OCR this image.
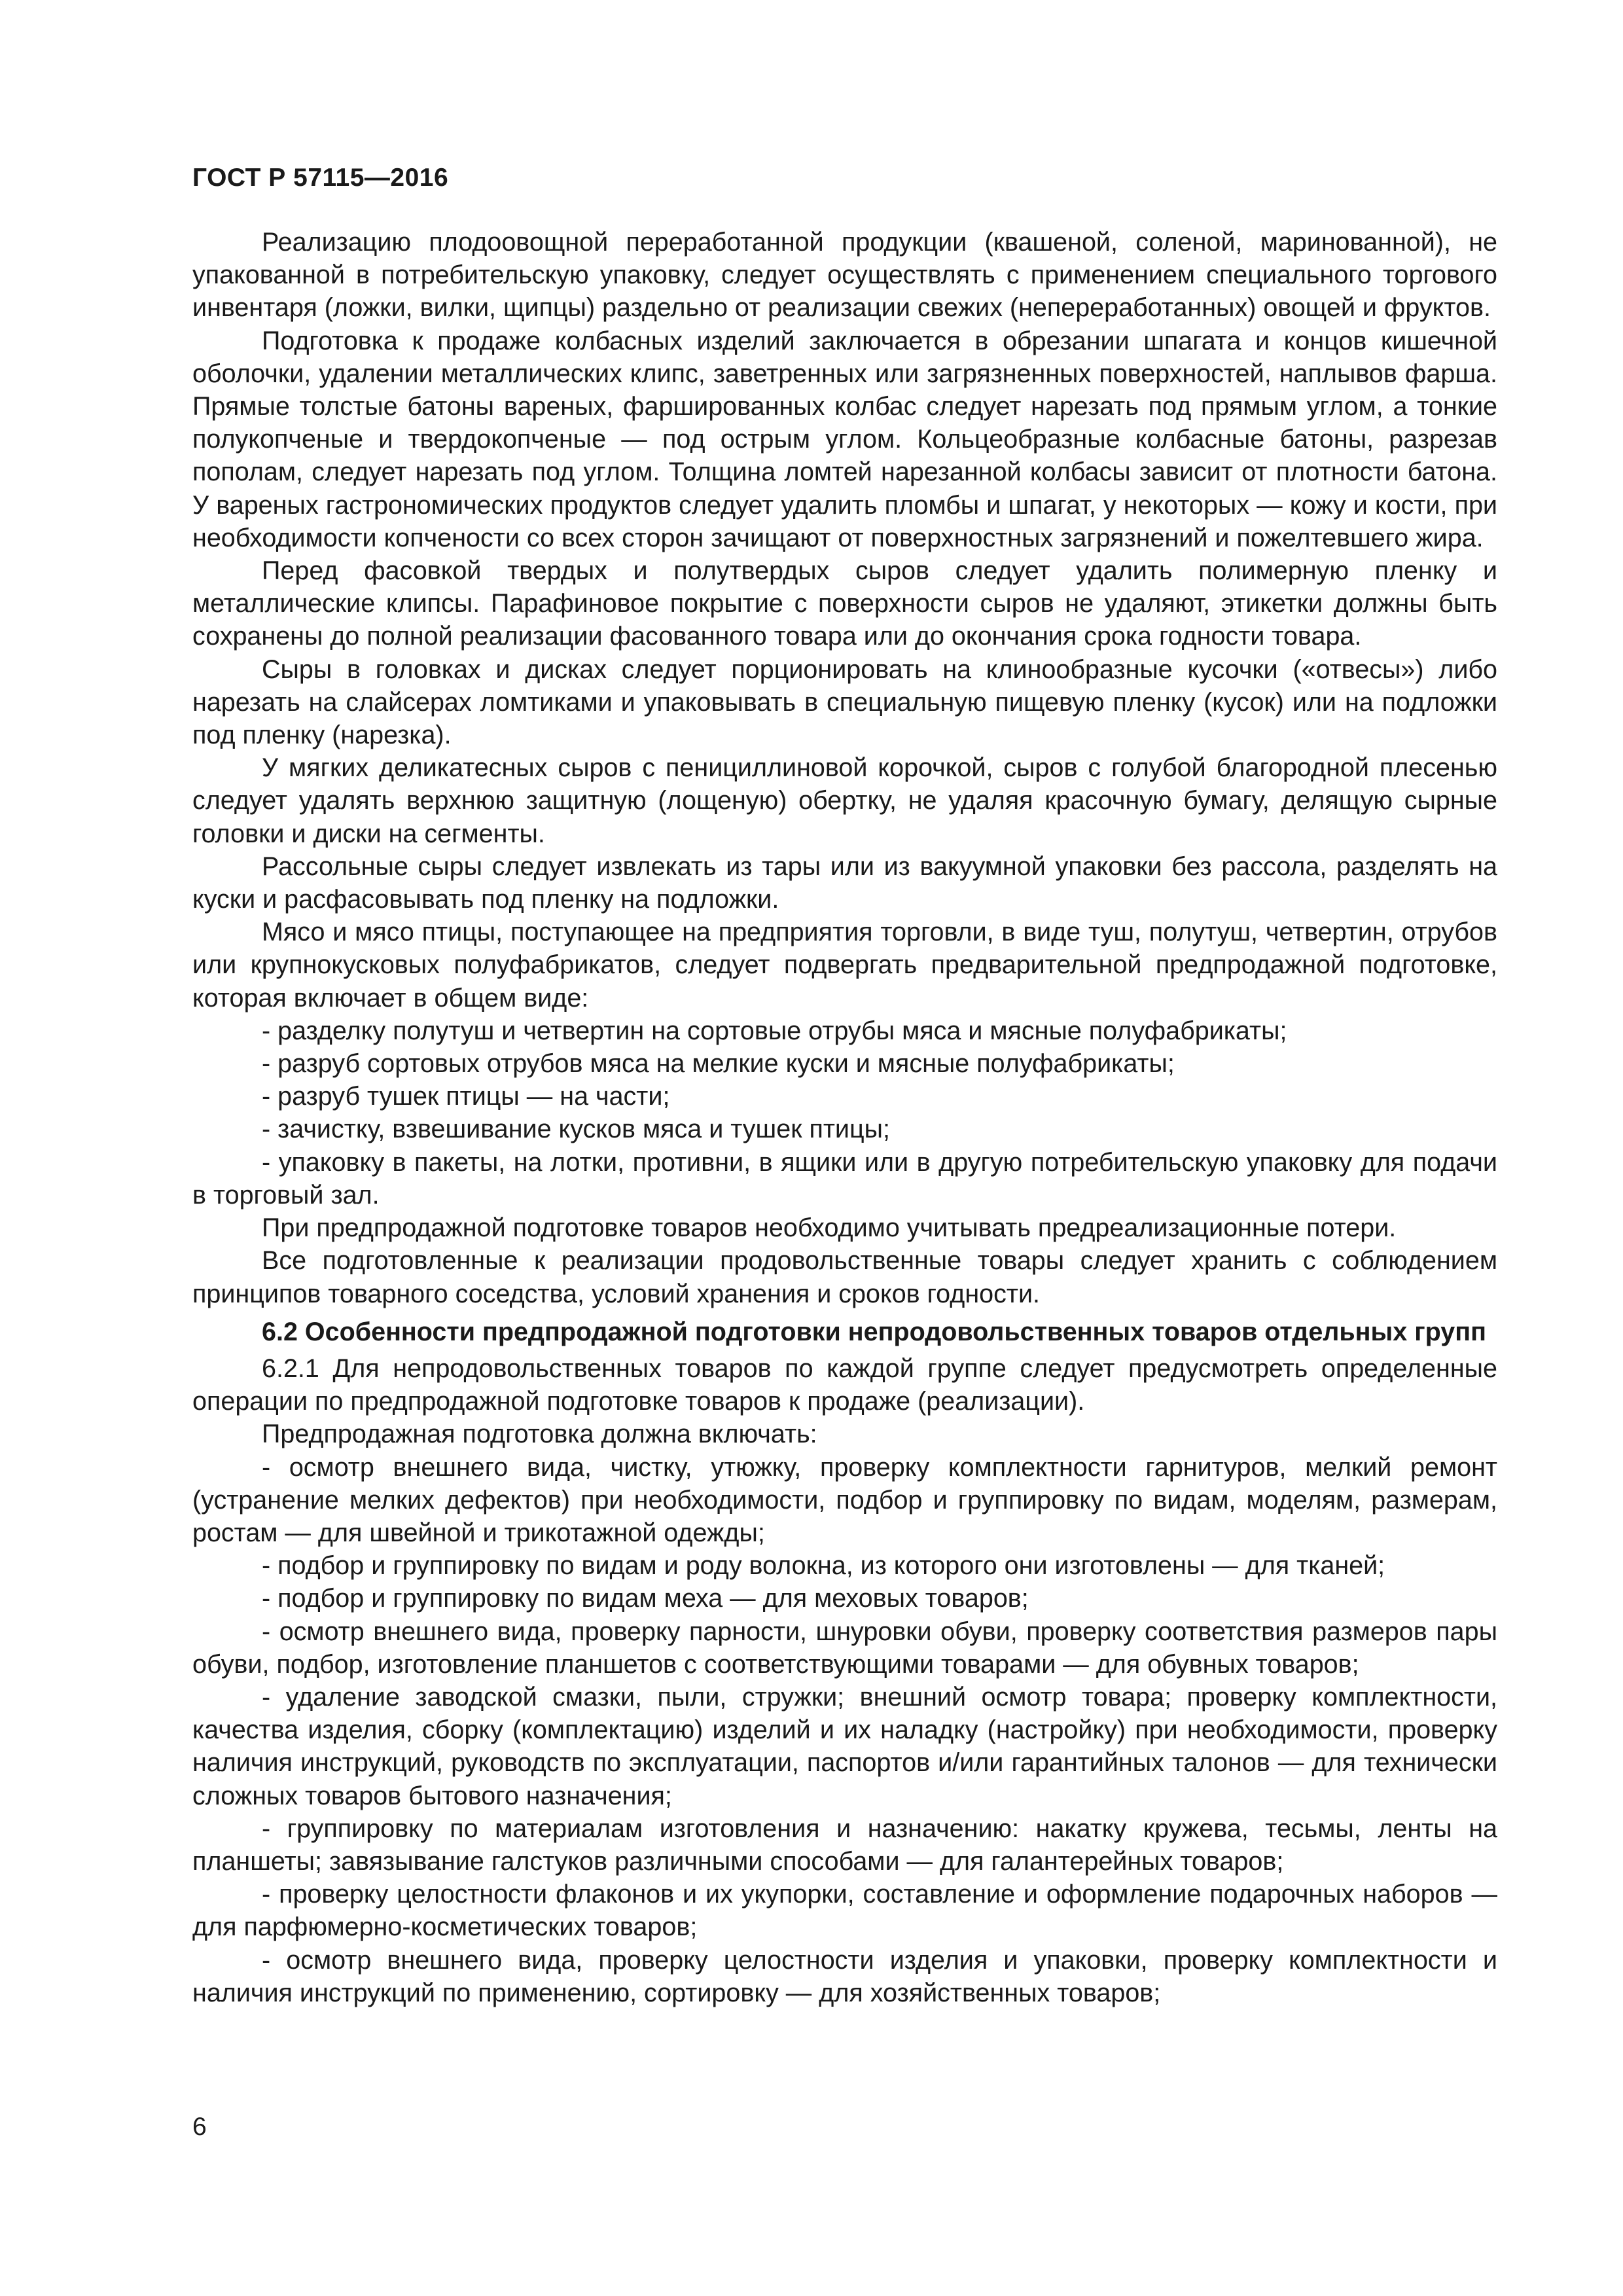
ГОСТ Р 57115—2016

Реализацию плодоовощной переработанной продукции (квашеной, соленой, маринованной), не упакованной в потребительскую упаковку, следует осуществлять с применением специального торгового инвентаря (ложки, вилки, щипцы) раздельно от реализации свежих (непереработанных) овощей и фруктов.

Подготовка к продаже колбасных изделий заключается в обрезании шпагата и концов кишечной оболочки, удалении металлических клипс, заветренных или загрязненных поверхностей, наплывов фарша. Прямые толстые батоны вареных, фаршированных колбас следует нарезать под прямым углом, а тонкие полукопченые и твердокопченые — под острым углом. Кольцеобразные колбасные батоны, разрезав пополам, следует нарезать под углом. Толщина ломтей нарезанной колбасы зависит от плотности батона. У вареных гастрономических продуктов следует удалить пломбы и шпагат, у некоторых — кожу и кости, при необходимости копчености со всех сторон зачищают от поверхностных загрязнений и пожелтевшего жира.

Перед фасовкой твердых и полутвердых сыров следует удалить полимерную пленку и металлические клипсы. Парафиновое покрытие с поверхности сыров не удаляют, этикетки должны быть сохранены до полной реализации фасованного товара или до окончания срока годности товара.

Сыры в головках и дисках следует порционировать на клинообразные кусочки («отвесы») либо нарезать на слайсерах ломтиками и упаковывать в специальную пищевую пленку (кусок) или на подложки под пленку (нарезка).

У мягких деликатесных сыров с пенициллиновой корочкой, сыров с голубой благородной плесенью следует удалять верхнюю защитную (лощеную) обертку, не удаляя красочную бумагу, делящую сырные головки и диски на сегменты.

Рассольные сыры следует извлекать из тары или из вакуумной упаковки без рассола, разделять на куски и расфасовывать под пленку на подложки.

Мясо и мясо птицы, поступающее на предприятия торговли, в виде туш, полутуш, четвертин, отрубов или крупнокусковых полуфабрикатов, следует подвергать предварительной предпродажной подготовке, которая включает в общем виде:

- разделку полутуш и четвертин на сортовые отрубы мяса и мясные полуфабрикаты;

- разруб сортовых отрубов мяса на мелкие куски и мясные полуфабрикаты;

- разруб тушек птицы — на части;

- зачистку, взвешивание кусков мяса и тушек птицы;

- упаковку в пакеты, на лотки, противни, в ящики или в другую потребительскую упаковку для подачи в торговый зал.

При предпродажной подготовке товаров необходимо учитывать предреализационные потери.

Все подготовленные к реализации продовольственные товары следует хранить с соблюдением принципов товарного соседства, условий хранения и сроков годности.

6.2 Особенности предпродажной подготовки непродовольственных товаров отдельных групп

6.2.1 Для непродовольственных товаров по каждой группе следует предусмотреть определенные операции по предпродажной подготовке товаров к продаже (реализации).

Предпродажная подготовка должна включать:

- осмотр внешнего вида, чистку, утюжку, проверку комплектности гарнитуров, мелкий ремонт (устранение мелких дефектов) при необходимости, подбор и группировку по видам, моделям, размерам, ростам — для швейной и трикотажной одежды;

- подбор и группировку по видам и роду волокна, из которого они изготовлены — для тканей;

- подбор и группировку по видам меха — для меховых товаров;

- осмотр внешнего вида, проверку парности, шнуровки обуви, проверку соответствия размеров пары обуви, подбор, изготовление планшетов с соответствующими товарами — для обувных товаров;

- удаление заводской смазки, пыли, стружки; внешний осмотр товара; проверку комплектности, качества изделия, сборку (комплектацию) изделий и их наладку (настройку) при необходимости, проверку наличия инструкций, руководств по эксплуатации, паспортов и/или гарантийных талонов — для технически сложных товаров бытового назначения;

- группировку по материалам изготовления и назначению: накатку кружева, тесьмы, ленты на планшеты; завязывание галстуков различными способами — для галантерейных товаров;

- проверку целостности флаконов и их укупорки, составление и оформление подарочных наборов — для парфюмерно-косметических товаров;

- осмотр внешнего вида, проверку целостности изделия и упаковки, проверку комплектности и наличия инструкций по применению, сортировку — для хозяйственных товаров;

6
